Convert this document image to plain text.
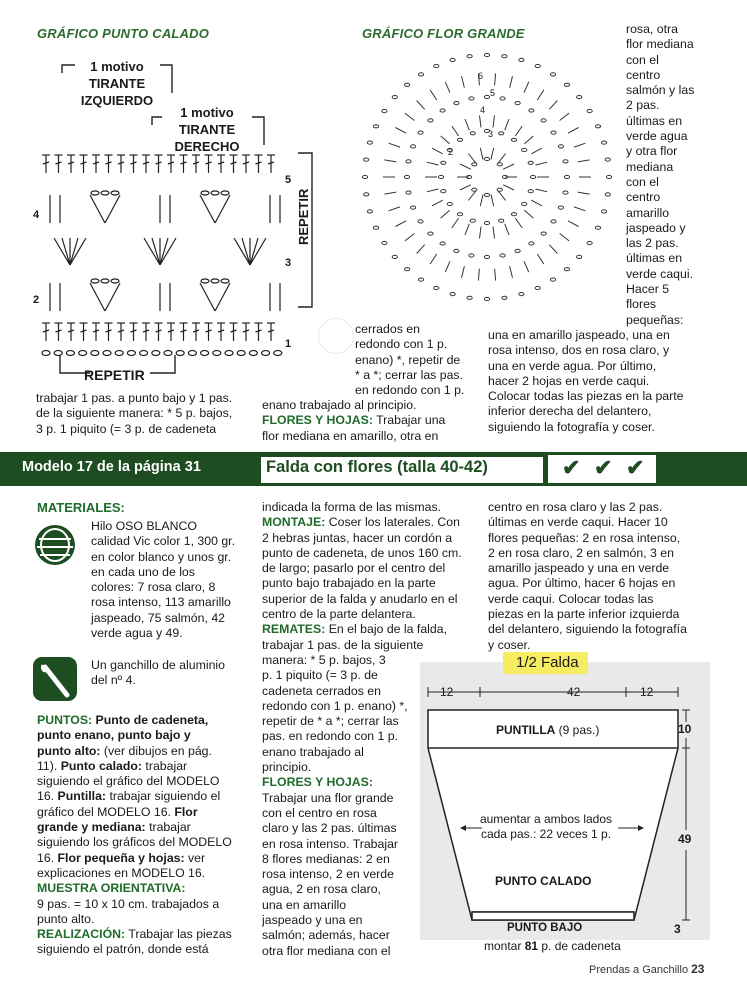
GRÁFICO PUNTO CALADO	GRÁFICO FLOR GRANDE
1 motivo
TIRANTE
IZQUIERDO
1 motivo
TIRANTE
DERECHO
REPETIR
REPETIR
5
4
3
2
1
6
5
4
3
2

trabajar 1 pas. a punto bajo y 1 pas.

de la siguiente manera: * 5 p. bajos,

3 p. 1 piquito (= 3 p. de cadeneta

cerrados en

redondo con 1 p.

enano) *, repetir de

* a *; cerrar las pas.

en redondo con 1 p.

enano trabajado al principio.

FLORES Y HOJAS: Trabajar una

flor mediana en amarillo, otra en

rosa, otra

flor mediana

con el

centro

salmón y las

2 pas.

últimas en

verde agua

y otra flor

mediana

con el

centro

amarillo

jaspeado y

las 2 pas.

últimas en

verde caqui.

Hacer 5

flores

pequeñas:

una en amarillo jaspeado, una en

rosa intenso, dos en rosa claro, y

una en verde agua. Por último,

hacer 2 hojas en verde caqui.

Colocar todas las piezas en la parte

inferior derecha del delantero,

siguiendo la fotografía y coser.

Modelo 17 de la página 31	Falda con flores (talla 40-42)	✔ ✔ ✔
MATERIALES:

Hilo OSO BLANCO

calidad Vic color 1, 300 gr.

en color blanco y unos gr.

en cada uno de los

colores: 7 rosa claro, 8

rosa intenso, 113 amarillo

jaspeado, 75 salmón, 42

verde agua y 49.

Un ganchillo de aluminio

del nº 4.

PUNTOS: Punto de cadeneta,

punto enano, punto bajo y

punto alto: (ver dibujos en pág.

11). Punto calado: trabajar

siguiendo el gráfico del MODELO

16. Puntilla: trabajar siguiendo el

gráfico del MODELO 16. Flor

grande y mediana: trabajar

siguiendo los gráficos del MODELO

16. Flor pequeña y hojas: ver

explicaciones en MODELO 16.

MUESTRA ORIENTATIVA:

9 pas. = 10 x 10 cm. trabajados a

punto alto.

REALIZACIÓN: Trabajar las piezas

siguiendo el patrón, donde está

indicada la forma de las mismas.

MONTAJE: Coser los laterales. Con

2 hebras juntas, hacer un cordón a

punto de cadeneta, de unos 160 cm.

de largo; pasarlo por el centro del

punto bajo trabajado en la parte

superior de la falda y anudarlo en el

centro de la parte delantera.

REMATES: En el bajo de la falda,

trabajar 1 pas. de la siguiente

manera: * 5 p. bajos, 3

p. 1 piquito (= 3 p. de

cadeneta cerrados en

redondo con 1 p. enano) *,

repetir de * a *; cerrar las

pas. en redondo con 1 p.

enano trabajado al

principio.

FLORES Y HOJAS:

Trabajar una flor grande

con el centro en rosa

claro y las 2 pas. últimas

en rosa intenso. Trabajar

8 flores medianas: 2 en

rosa intenso, 2 en verde

agua, 2 en rosa claro,

una en amarillo

jaspeado y una en

salmón; además, hacer

otra flor mediana con el

centro en rosa claro y las 2 pas.

últimas en verde caqui. Hacer 10

flores pequeñas: 2 en rosa intenso,

2 en rosa claro, 2 en salmón, 3 en

amarillo jaspeado y una en verde

agua. Por último, hacer 6 hojas en

verde caqui. Colocar todas las

piezas en la parte inferior izquierda

del delantero, siguiendo la fotografía

y coser.

1/2 Falda
12	42	12
10
49
3
PUNTILLA (9 pas.)
aumentar a ambos lados
cada pas.: 22 veces 1 p.
PUNTO CALADO
PUNTO BAJO
montar 81 p. de cadeneta
Prendas a Ganchillo 23
